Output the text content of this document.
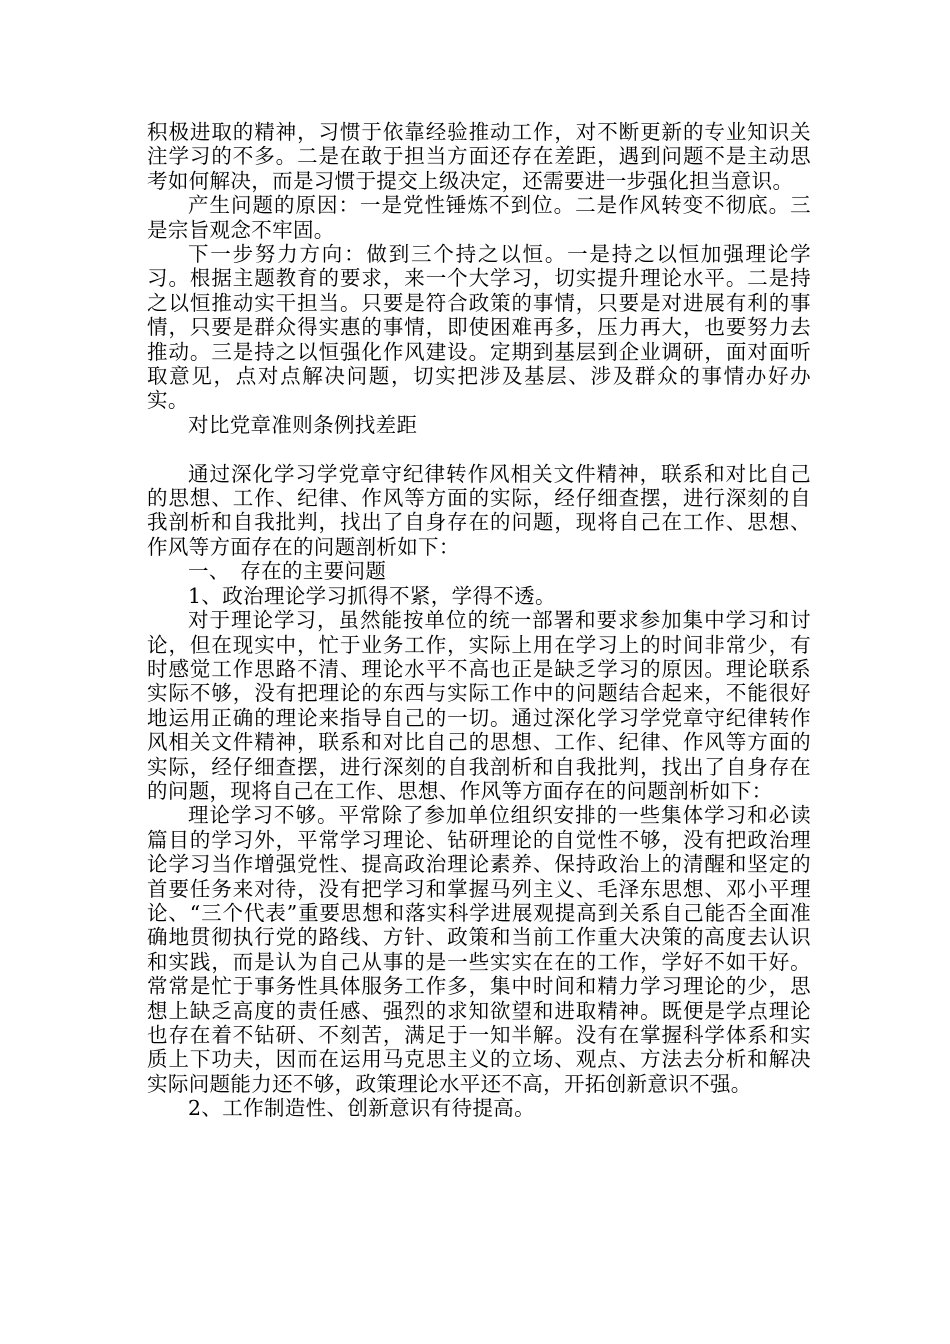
积极进取的精神，习惯于依靠经验推动工作，对不断更新的专业知识关注学习的不多。二是在敢于担当方面还存在差距，遇到问题不是主动思考如何解决，而是习惯于提交上级决定，还需要进一步强化担当意识。

产生问题的原因：一是党性锤炼不到位。二是作风转变不彻底。三是宗旨观念不牢固。

下一步努力方向：做到三个持之以恒。一是持之以恒加强理论学习。根据主题教育的要求，来一个大学习，切实提升理论水平。二是持之以恒推动实干担当。只要是符合政策的事情，只要是对进展有利的事情，只要是群众得实惠的事情，即使困难再多，压力再大，也要努力去推动。三是持之以恒强化作风建设。定期到基层到企业调研，面对面听取意见，点对点解决问题，切实把涉及基层、涉及群众的事情办好办实。

对比党章准则条例找差距

通过深化学习学党章守纪律转作风相关文件精神，联系和对比自己的思想、工作、纪律、作风等方面的实际，经仔细查摆，进行深刻的自我剖析和自我批判，找出了自身存在的问题，现将自己在工作、思想、作风等方面存在的问题剖析如下：

一、　存在的主要问题

1、政治理论学习抓得不紧，学得不透。

对于理论学习，虽然能按单位的统一部署和要求参加集中学习和讨论，但在现实中，忙于业务工作，实际上用在学习上的时间非常少，有时感觉工作思路不清、理论水平不高也正是缺乏学习的原因。理论联系实际不够，没有把理论的东西与实际工作中的问题结合起来，不能很好地运用正确的理论来指导自己的一切。通过深化学习学党章守纪律转作风相关文件精神，联系和对比自己的思想、工作、纪律、作风等方面的实际，经仔细查摆，进行深刻的自我剖析和自我批判，找出了自身存在的问题，现将自己在工作、思想、作风等方面存在的问题剖析如下：

理论学习不够。平常除了参加单位组织安排的一些集体学习和必读篇目的学习外，平常学习理论、钻研理论的自觉性不够，没有把政治理论学习当作增强党性、提高政治理论素养、保持政治上的清醒和坚定的首要任务来对待，没有把学习和掌握马列主义、毛泽东思想、邓小平理论、“三个代表”重要思想和落实科学进展观提高到关系自己能否全面准确地贯彻执行党的路线、方针、政策和当前工作重大决策的高度去认识和实践，而是认为自己从事的是一些实实在在的工作，学好不如干好。常常是忙于事务性具体服务工作多，集中时间和精力学习理论的少，思想上缺乏高度的责任感、强烈的求知欲望和进取精神。既便是学点理论也存在着不钻研、不刻苦，满足于一知半解。没有在掌握科学体系和实质上下功夫，因而在运用马克思主义的立场、观点、方法去分析和解决实际问题能力还不够，政策理论水平还不高，开拓创新意识不强。

2、工作制造性、创新意识有待提高。
